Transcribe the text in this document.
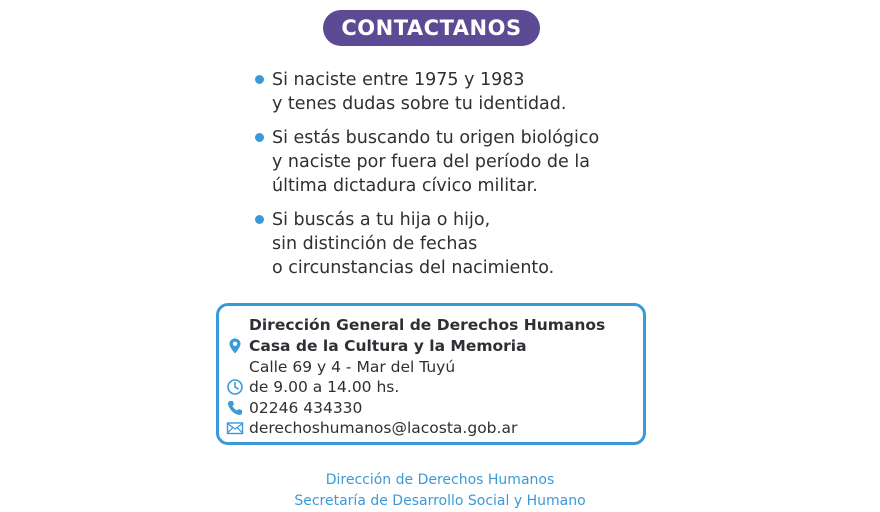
CONTACTANOS
Si naciste entre 1975 y 1983
y tenes dudas sobre tu identidad.
Si estás buscando tu origen biológico
y naciste por fuera del período de la
última dictadura cívico militar.
Si buscás a tu hija o hijo,
sin distinción de fechas
o circunstancias del nacimiento.
Dirección General de Derechos Humanos
Casa de la Cultura y la Memoria
Calle 69 y 4 - Mar del Tuyú
de 9.00 a 14.00 hs.
02246 434330
derechoshumanos@lacosta.gob.ar
Dirección de Derechos Humanos
Secretaría de Desarrollo Social y Humano
